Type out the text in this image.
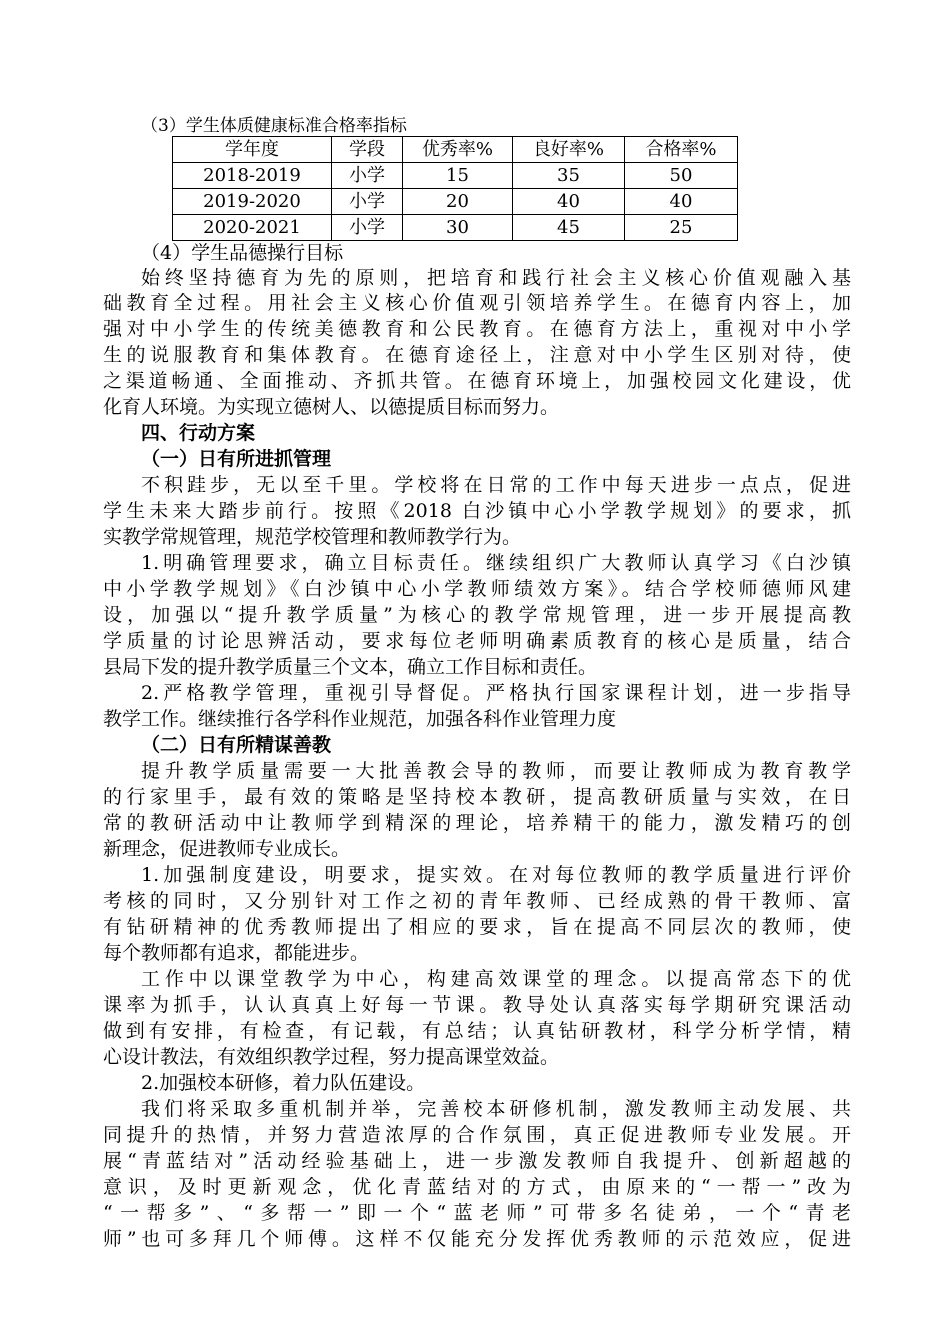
（3）学生体质健康标准合格率指标
学年度	学段	优秀率%	良好率%	合格率%
2018-2019	小学	15	35	50
2019-2020	小学	20	40	40
2020-2021	小学	30	45	25
（4）学生品德操行目标
始终坚持德育为先的原则，把培育和践行社会主义核心价值观融入基
础教育全过程。用社会主义核心价值观引领培养学生。在德育内容上，加
强对中小学生的传统美德教育和公民教育。在德育方法上，重视对中小学
生的说服教育和集体教育。在德育途径上，注意对中小学生区别对待，使
之渠道畅通、全面推动、齐抓共管。在德育环境上，加强校园文化建设，优
化育人环境。为实现立德树人、以德提质目标而努力。
四、行动方案
（一）日有所进抓管理
不积跬步，无以至千里。学校将在日常的工作中每天进步一点点，促进
学生未来大踏步前行。按照《2018 白沙镇中心小学教学规划》的要求，抓
实教学常规管理，规范学校管理和教师教学行为。
1.明确管理要求，确立目标责任。继续组织广大教师认真学习《白沙镇
中小学教学规划》《白沙镇中心小学教师绩效方案》。结合学校师德师风建
设，加强以“提升教学质量”为核心的教学常规管理，进一步开展提高教
学质量的讨论思辨活动，要求每位老师明确素质教育的核心是质量，结合
县局下发的提升教学质量三个文本，确立工作目标和责任。
2.严格教学管理，重视引导督促。严格执行国家课程计划，进一步指导
教学工作。继续推行各学科作业规范，加强各科作业管理力度
（二）日有所精谋善教
提升教学质量需要一大批善教会导的教师，而要让教师成为教育教学
的行家里手，最有效的策略是坚持校本教研，提高教研质量与实效，在日
常的教研活动中让教师学到精深的理论，培养精干的能力，激发精巧的创
新理念，促进教师专业成长。
1.加强制度建设，明要求，提实效。在对每位教师的教学质量进行评价
考核的同时，又分别针对工作之初的青年教师、已经成熟的骨干教师、富
有钻研精神的优秀教师提出了相应的要求，旨在提高不同层次的教师，使
每个教师都有追求，都能进步。
工作中以课堂教学为中心，构建高效课堂的理念。以提高常态下的优
课率为抓手，认认真真上好每一节课。教导处认真落实每学期研究课活动
做到有安排，有检查，有记载，有总结；认真钻研教材，科学分析学情，精
心设计教法，有效组织教学过程，努力提高课堂效益。
2.加强校本研修，着力队伍建设。
我们将采取多重机制并举，完善校本研修机制，激发教师主动发展、共
同提升的热情，并努力营造浓厚的合作氛围，真正促进教师专业发展。开
展“青蓝结对”活动经验基础上，进一步激发教师自我提升、创新超越的
意识，及时更新观念，优化青蓝结对的方式，由原来的“一帮一”改为
“一帮多”、“多帮一”即一个“蓝老师”可带多名徒弟，一个“青老
师”也可多拜几个师傅。这样不仅能充分发挥优秀教师的示范效应，促进
